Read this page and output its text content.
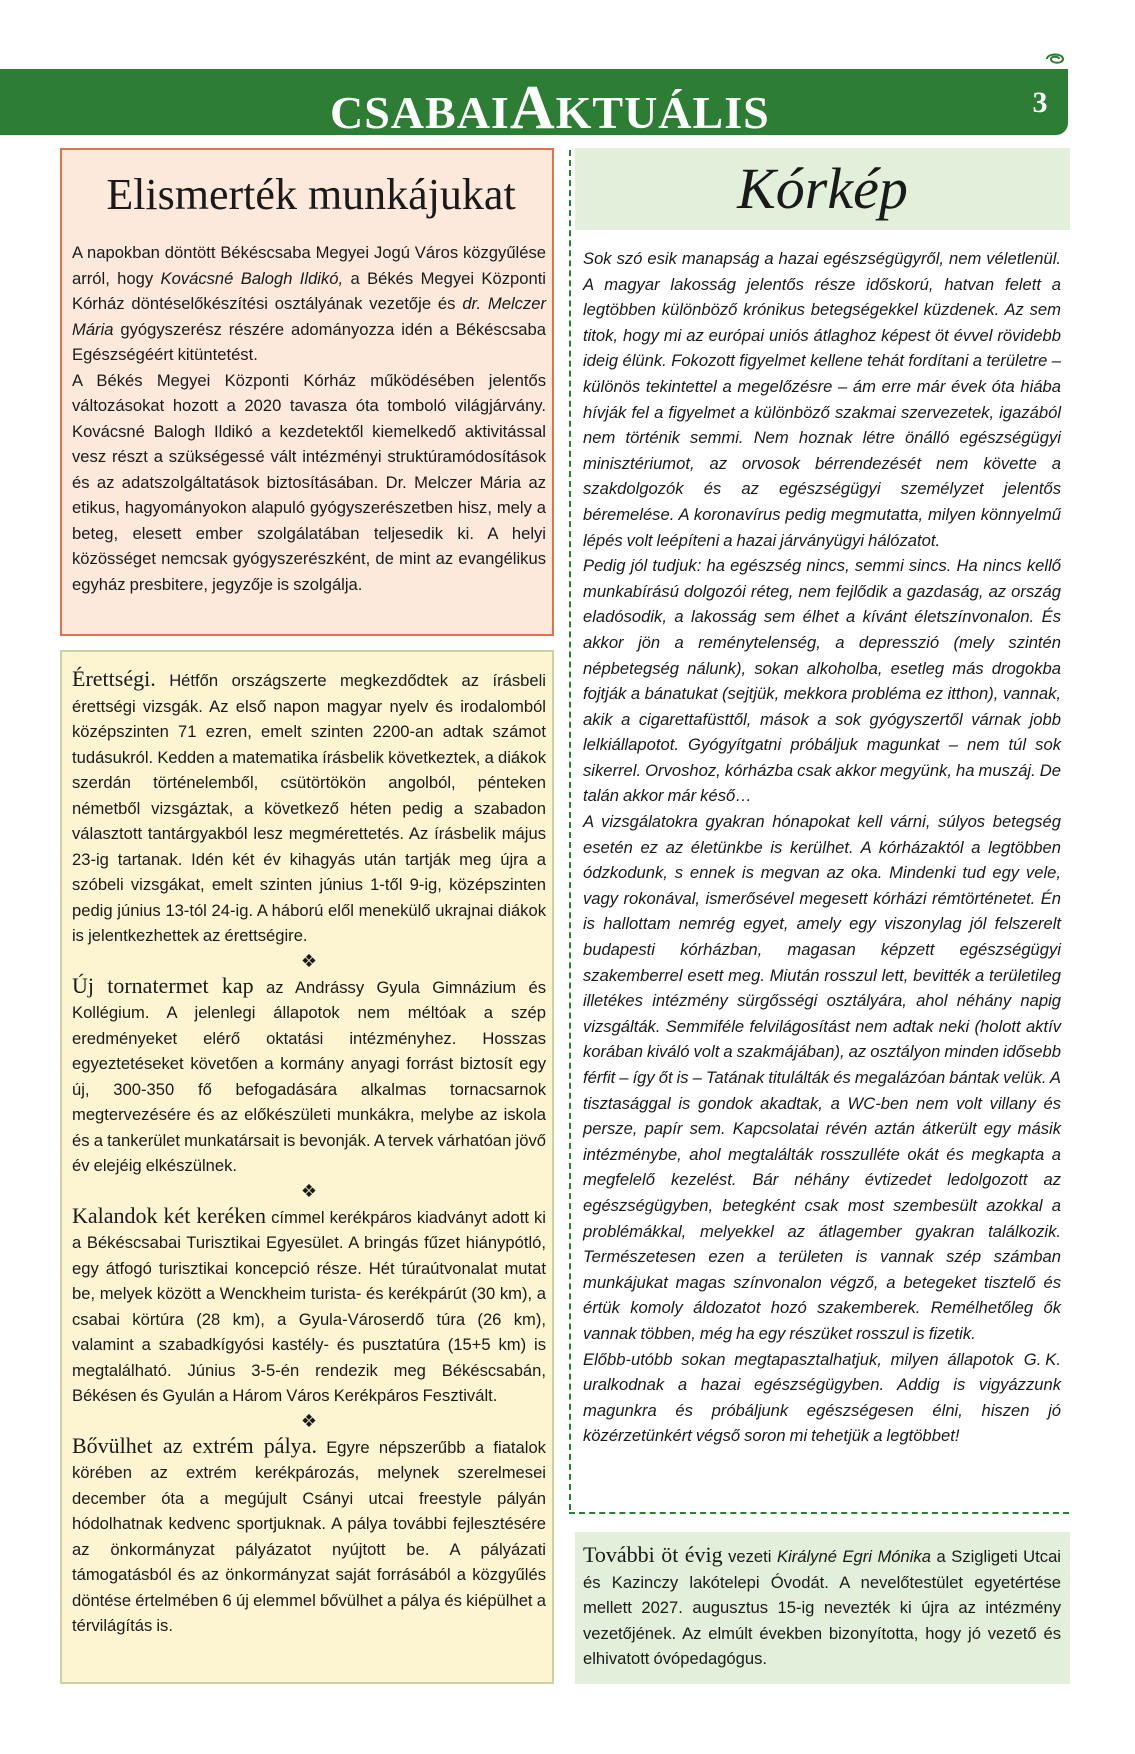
CSABAIAKTUÁLIS	3
Elismerték munkájukat

A napokban döntött Békéscsaba Megyei Jogú Város közgyűlése arról, hogy Kovácsné Balogh Ildikó, a Békés Megyei Központi Kórház döntéselőkészítési osztályának vezetője és dr. Melczer Mária gyógyszerész részére adományozza idén a Békéscsaba Egészségéért kitüntetést.

A Békés Megyei Központi Kórház működésében jelentős változásokat hozott a 2020 tavasza óta tomboló világjárvány. Kovácsné Balogh Ildikó a kezdetektől kiemelkedő aktivitással vesz részt a szükségessé vált intézményi struktúramódosítások és az adatszolgáltatások biztosításában. Dr. Melczer Mária az etikus, hagyományokon alapuló gyógyszerészetben hisz, mely a beteg, elesett ember szolgálatában teljesedik ki. A helyi közösséget nemcsak gyógyszerészként, de mint az evangélikus egyház presbitere, jegyzője is szolgálja.

Érettségi. Hétfőn országszerte megkezdődtek az írásbeli érettségi vizsgák. Az első napon magyar nyelv és irodalomból középszinten 71 ezren, emelt szinten 2200-an adtak számot tudásukról. Kedden a matematika írásbelik következtek, a diákok szerdán történelemből, csütörtökön angolból, pénteken németből vizsgáztak, a következő héten pedig a szabadon választott tantárgyakból lesz megmérettetés. Az írásbelik május 23-ig tartanak. Idén két év kihagyás után tartják meg újra a szóbeli vizsgákat, emelt szinten június 1-től 9-ig, középszinten pedig június 13-tól 24-ig. A háború elől menekülő ukrajnai diákok is jelentkezhettek az érettségire.

❖

Új tornatermet kap az Andrássy Gyula Gimnázium és Kollégium. A jelenlegi állapotok nem méltóak a szép eredményeket elérő oktatási intézményhez. Hosszas egyeztetéseket követően a kormány anyagi forrást biztosít egy új, 300-350 fő befogadására alkalmas tornacsarnok megtervezésére és az előkészületi munkákra, melybe az iskola és a tankerület munkatársait is bevonják. A tervek várhatóan jövő év elejéig elkészülnek.

❖

Kalandok két keréken címmel kerékpáros kiadványt adott ki a Békéscsabai Turisztikai Egyesület. A bringás fűzet hiánypótló, egy átfogó turisztikai koncepció része. Hét túraútvonalat mutat be, melyek között a Wenckheim turista- és kerékpárút (30 km), a csabai körtúra (28 km), a Gyula-Városerdő túra (26 km), valamint a szabadkígyósi kastély- és pusztatúra (15+5 km) is megtalálható. Június 3-5-én rendezik meg Békéscsabán, Békésen és Gyulán a Három Város Kerékpáros Fesztivált.

❖

Bővülhet az extrém pálya. Egyre népszerűbb a fiatalok körében az extrém kerékpározás, melynek szerelmesei december óta a megújult Csányi utcai freestyle pályán hódolhatnak kedvenc sportjuknak. A pálya további fejlesztésére az önkormányzat pályázatot nyújtott be. A pályázati támogatásból és az önkormányzat saját forrásából a közgyűlés döntése értelmében 6 új elemmel bővülhet a pálya és kiépülhet a térvilágítás is.

Kórkép

Sok szó esik manapság a hazai egészségügyről, nem véletlenül. A magyar lakosság jelentős része időskorú, hatvan felett a legtöbben különböző krónikus betegségekkel küzdenek. Az sem titok, hogy mi az európai uniós átlaghoz képest öt évvel rövidebb ideig élünk. Fokozott figyelmet kellene tehát fordítani a területre – különös tekintettel a megelőzésre – ám erre már évek óta hiába hívják fel a figyelmet a különböző szakmai szervezetek, igazából nem történik semmi. Nem hoznak létre önálló egészségügyi minisztériumot, az orvosok bérrendezését nem követte a szakdolgozók és az egészségügyi személyzet jelentős béremelése. A koronavírus pedig megmutatta, milyen könnyelmű lépés volt leépíteni a hazai járványügyi hálózatot.

Pedig jól tudjuk: ha egészség nincs, semmi sincs. Ha nincs kellő munkabírású dolgozói réteg, nem fejlődik a gazdaság, az ország eladósodik, a lakosság sem élhet a kívánt életszínvonalon. És akkor jön a reménytelenség, a depresszió (mely szintén népbetegség nálunk), sokan alkoholba, esetleg más drogokba fojtják a bánatukat (sejtjük, mekkora probléma ez itthon), vannak, akik a cigarettafüsttől, mások a sok gyógyszertől várnak jobb lelkiállapotot. Gyógyítgatni próbáljuk magunkat – nem túl sok sikerrel. Orvoshoz, kórházba csak akkor megyünk, ha muszáj. De talán akkor már késő…

A vizsgálatokra gyakran hónapokat kell várni, súlyos betegség esetén ez az életünkbe is kerülhet. A kórházaktól a legtöbben ódzkodunk, s ennek is megvan az oka. Mindenki tud egy vele, vagy rokonával, ismerősével megesett kórházi rémtörténetet. Én is hallottam nemrég egyet, amely egy viszonylag jól felszerelt budapesti kórházban, magasan képzett egészségügyi szakemberrel esett meg. Miután rosszul lett, bevitték a területileg illetékes intézmény sürgősségi osztályára, ahol néhány napig vizsgálták. Semmiféle felvilágosítást nem adtak neki (holott aktív korában kiváló volt a szakmájában), az osztályon minden idősebb férfit – így őt is – Tatának titulálták és megalázóan bántak velük. A tisztasággal is gondok akadtak, a WC-ben nem volt villany és persze, papír sem. Kapcsolatai révén aztán átkerült egy másik intézménybe, ahol megtalálták rosszullétе okát és megkapta a megfelelő kezelést. Bár néhány évtizedet ledolgozott az egészségügyben, betegként csak most szembesült azokkal a problémákkal, melyekkel az átlagember gyakran találkozik. Természetesen ezen a területen is vannak szép számban munkájukat magas színvonalon végző, a betegeket tisztelő és értük komoly áldozatot hozó szakemberek. Remélhetőleg ők vannak többen, még ha egy részüket rosszul is fizetik.

G. K.
Előbb-utóbb sokan megtapasztalhatjuk, milyen állapotok uralkodnak a hazai egészségügyben. Addig is vigyázzunk magunkra és próbáljunk egészségesen élni, hiszen jó közérzetünkért végső soron mi tehetjük a legtöbbet!

További öt évig vezeti Királyné Egri Mónika a Szigligeti Utcai és Kazinczy lakótelepi Óvodát. A nevelőtestület egyetértése mellett 2027. augusztus 15-ig nevezték ki újra az intézmény vezetőjének. Az elmúlt években bizonyította, hogy jó vezető és elhivatott óvópedagógus.
